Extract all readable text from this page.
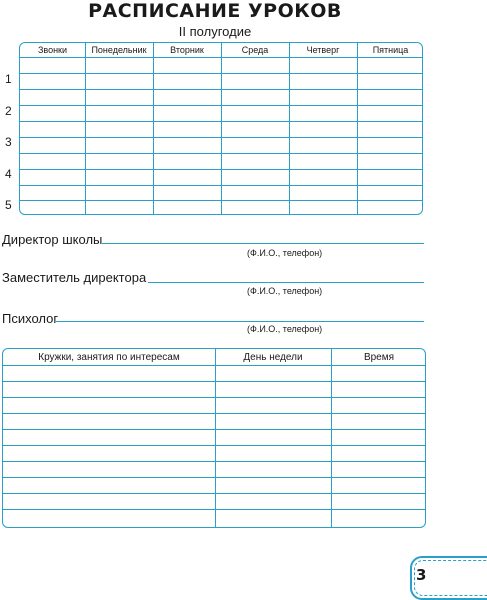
РАСПИСАНИЕ УРОКОВ
II полугодие
Звонки	Понедельник	Вторник	Среда	Четверг	Пятница
1
2
3
4
5
Директор школы
(Ф.И.О., телефон)
Заместитель директора
(Ф.И.О., телефон)
Психолог
(Ф.И.О., телефон)
Кружки, занятия по интересам	День недели	Время
3
